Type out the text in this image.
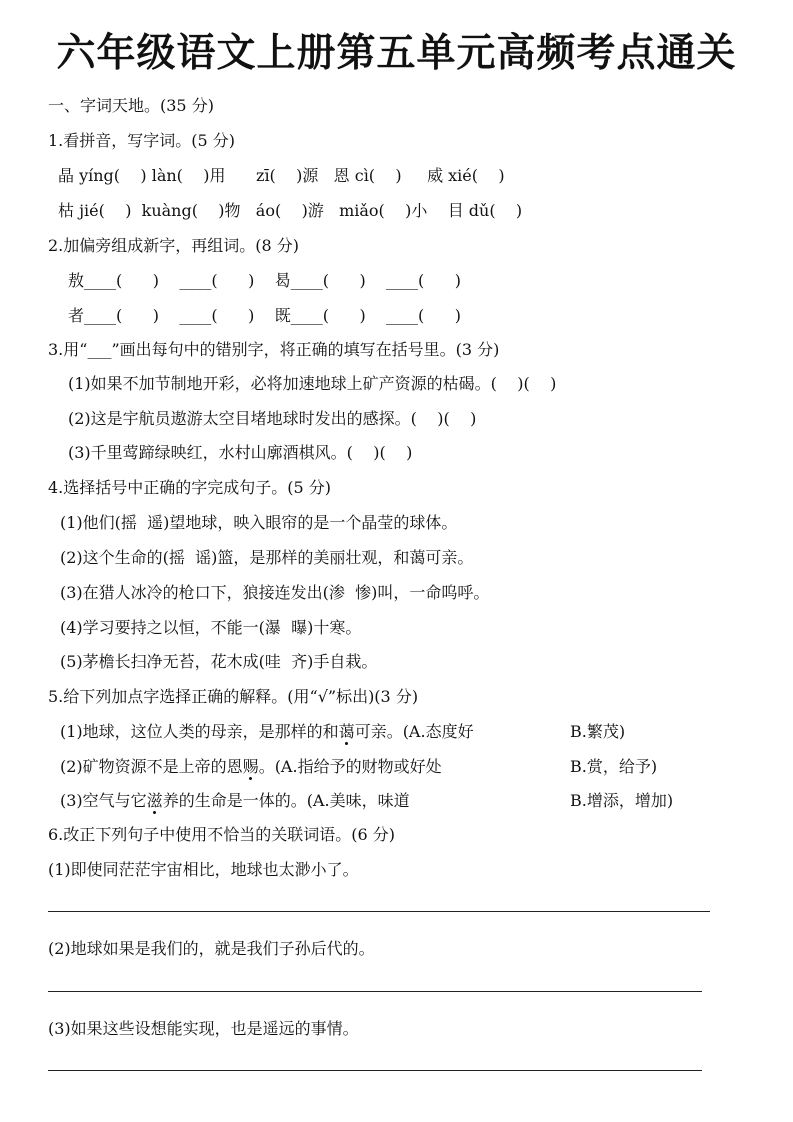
六年级语文上册第五单元高频考点通关
一、字词天地。(35 分)
1.看拼音，写字词。(5 分)
晶 yíng(    ) làn(    )用      zī(    )源   恩 cì(    )     威 xié(    )
枯 jié(    )  kuàng(    )物   áo(    )游   miǎo(    )小    目 dǔ(    )
2.加偏旁组成新字，再组词。(8 分)
敖____(      )    ____(      )    曷____(      )    ____(      )
者____(      )    ____(      )    既____(      )    ____(      )
3.用“___”画出每句中的错别字，将正确的填写在括号里。(3 分)
(1)如果不加节制地开彩，必将加速地球上矿产资源的枯碣。(    )(    )
(2)这是宇航员遨游太空目堵地球时发出的感探。(    )(    )
(3)千里莺蹄绿映红，水村山廓酒棋风。(    )(    )
4.选择括号中正确的字完成句子。(5 分)
(1)他们(摇  遥)望地球，映入眼帘的是一个晶莹的球体。
(2)这个生命的(摇  谣)篮，是那样的美丽壮观，和蔼可亲。
(3)在猎人冰冷的枪口下，狼接连发出(渗  惨)叫，一命呜呼。
(4)学习要持之以恒，不能一(瀑  曝)十寒。
(5)茅檐长扫净无苔，花木成(哇  齐)手自栽。
5.给下列加点字选择正确的解释。(用“√”标出)(3 分)
(1)地球，这位人类的母亲，是那样的和蔼可亲。(A.态度好	B.繁茂)
(2)矿物资源不是上帝的恩赐。(A.指给予的财物或好处	B.赏，给予)
(3)空气与它滋养的生命是一体的。(A.美味，味道	B.增添，增加)
6.改正下列句子中使用不恰当的关联词语。(6 分)
(1)即使同茫茫宇宙相比，地球也太渺小了。
(2)地球如果是我们的，就是我们子孙后代的。
(3)如果这些设想能实现，也是遥远的事情。
